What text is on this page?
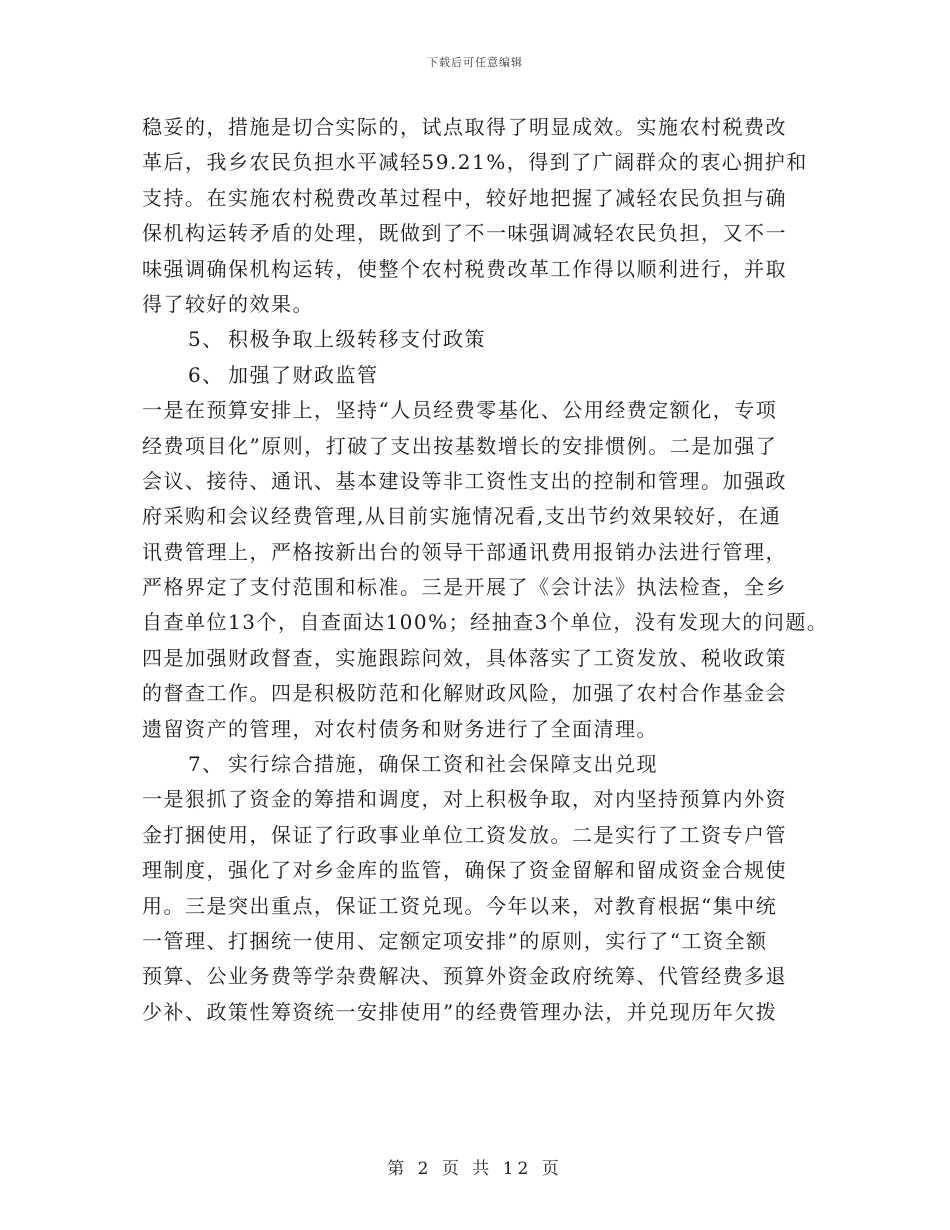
下载后可任意编辑
稳妥的，措施是切合实际的，试点取得了明显成效。实施农村税费改
革后，我乡农民负担水平减轻59.21%，得到了广阔群众的衷心拥护和
支持。在实施农村税费改革过程中，较好地把握了减轻农民负担与确
保机构运转矛盾的处理，既做到了不一味强调减轻农民负担，又不一
味强调确保机构运转，使整个农村税费改革工作得以顺利进行，并取
得了较好的效果。
5、 积极争取上级转移支付政策
6、 加强了财政监管
一是在预算安排上，坚持“人员经费零基化、公用经费定额化，专项
经费项目化”原则，打破了支出按基数增长的安排惯例。二是加强了
会议、接待、通讯、基本建设等非工资性支出的控制和管理。加强政
府采购和会议经费管理,从目前实施情况看,支出节约效果较好，在通
讯费管理上，严格按新出台的领导干部通讯费用报销办法进行管理，
严格界定了支付范围和标准。三是开展了《会计法》执法检查，全乡
自查单位13个，自查面达100%；经抽查3个单位，没有发现大的问题。
四是加强财政督查，实施跟踪问效，具体落实了工资发放、税收政策
的督查工作。四是积极防范和化解财政风险，加强了农村合作基金会
遗留资产的管理，对农村债务和财务进行了全面清理。
7、 实行综合措施，确保工资和社会保障支出兑现
一是狠抓了资金的筹措和调度，对上积极争取，对内坚持预算内外资
金打捆使用，保证了行政事业单位工资发放。二是实行了工资专户管
理制度，强化了对乡金库的监管，确保了资金留解和留成资金合规使
用。三是突出重点，保证工资兑现。今年以来，对教育根据“集中统
一管理、打捆统一使用、定额定项安排”的原则，实行了“工资全额
预算、公业务费等学杂费解决、预算外资金政府统筹、代管经费多退
少补、政策性筹资统一安排使用”的经费管理办法，并兑现历年欠拨
第 2 页 共 12 页
